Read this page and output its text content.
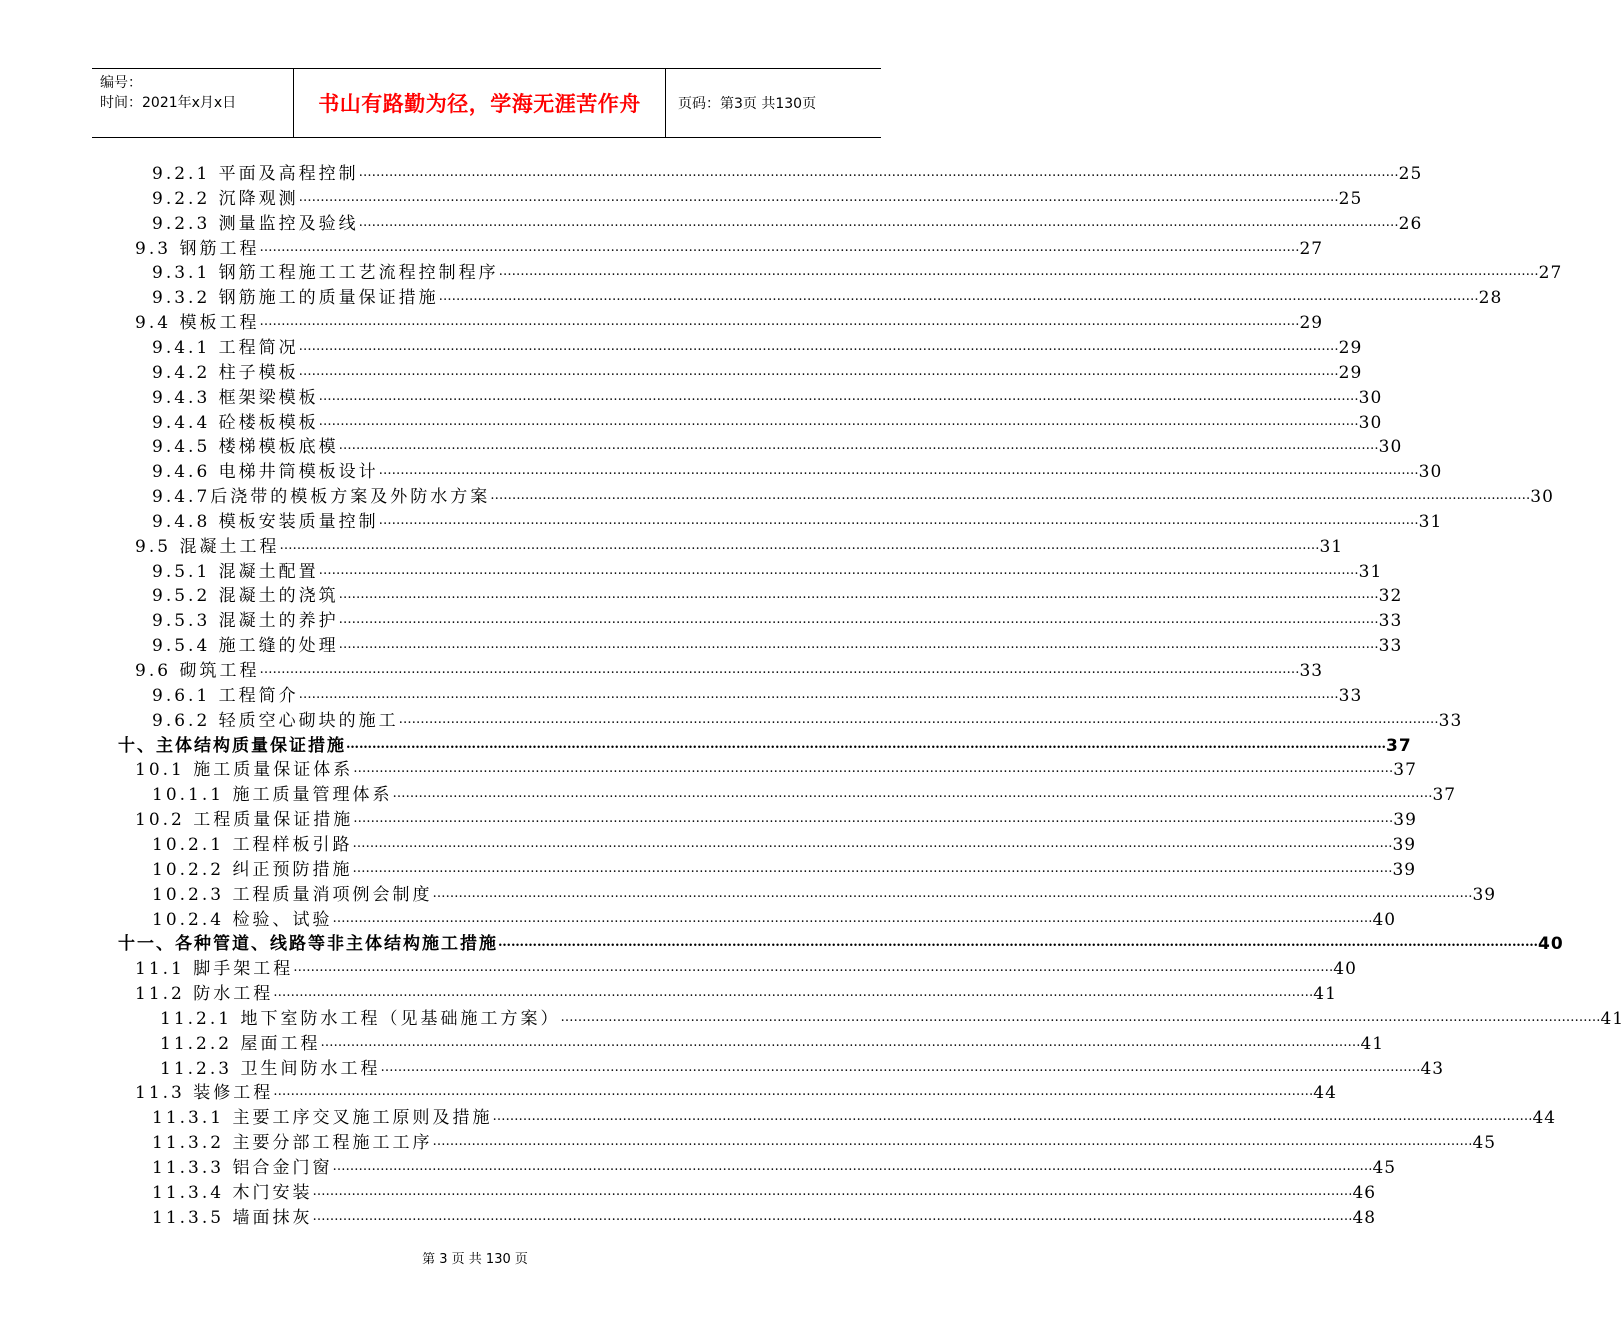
编号：
时间：2021年x月x日	书山有路勤为径，学海无涯苦作舟	页码：第3页 共130页
9.2.1 平面及高程控制 …………………………………………………………………………………………………………………………………………………………………………………………………………………… 25
9.2.2 沉降观测 …………………………………………………………………………………………………………………………………………………………………………………………………………………… 25
9.2.3 测量监控及验线 …………………………………………………………………………………………………………………………………………………………………………………………………………………… 26
9.3 钢筋工程 …………………………………………………………………………………………………………………………………………………………………………………………………………………… 27
9.3.1 钢筋工程施工工艺流程控制程序 …………………………………………………………………………………………………………………………………………………………………………………………………………………… 27
9.3.2 钢筋施工的质量保证措施 …………………………………………………………………………………………………………………………………………………………………………………………………………………… 28
9.4 模板工程 …………………………………………………………………………………………………………………………………………………………………………………………………………………… 29
9.4.1 工程简况 …………………………………………………………………………………………………………………………………………………………………………………………………………………… 29
9.4.2 柱子模板 …………………………………………………………………………………………………………………………………………………………………………………………………………………… 29
9.4.3 框架梁模板 …………………………………………………………………………………………………………………………………………………………………………………………………………………… 30
9.4.4 砼楼板模板 …………………………………………………………………………………………………………………………………………………………………………………………………………………… 30
9.4.5 楼梯模板底模 …………………………………………………………………………………………………………………………………………………………………………………………………………………… 30
9.4.6 电梯井筒模板设计 …………………………………………………………………………………………………………………………………………………………………………………………………………………… 30
9.4.7后浇带的模板方案及外防水方案 …………………………………………………………………………………………………………………………………………………………………………………………………………………… 30
9.4.8 模板安装质量控制 …………………………………………………………………………………………………………………………………………………………………………………………………………………… 31
9.5 混凝土工程 …………………………………………………………………………………………………………………………………………………………………………………………………………………… 31
9.5.1 混凝土配置 …………………………………………………………………………………………………………………………………………………………………………………………………………………… 31
9.5.2 混凝土的浇筑 …………………………………………………………………………………………………………………………………………………………………………………………………………………… 32
9.5.3 混凝土的养护 …………………………………………………………………………………………………………………………………………………………………………………………………………………… 33
9.5.4 施工缝的处理 …………………………………………………………………………………………………………………………………………………………………………………………………………………… 33
9.6 砌筑工程 …………………………………………………………………………………………………………………………………………………………………………………………………………………… 33
9.6.1 工程简介 …………………………………………………………………………………………………………………………………………………………………………………………………………………… 33
9.6.2 轻质空心砌块的施工 …………………………………………………………………………………………………………………………………………………………………………………………………………………… 33
十、主体结构质量保证措施 …………………………………………………………………………………………………………………………………………………………………………………………………………………… 37
10.1 施工质量保证体系 …………………………………………………………………………………………………………………………………………………………………………………………………………………… 37
10.1.1 施工质量管理体系 …………………………………………………………………………………………………………………………………………………………………………………………………………………… 37
10.2 工程质量保证措施 …………………………………………………………………………………………………………………………………………………………………………………………………………………… 39
10.2.1 工程样板引路 …………………………………………………………………………………………………………………………………………………………………………………………………………………… 39
10.2.2 纠正预防措施 …………………………………………………………………………………………………………………………………………………………………………………………………………………… 39
10.2.3 工程质量消项例会制度 …………………………………………………………………………………………………………………………………………………………………………………………………………………… 39
10.2.4 检验、试验 …………………………………………………………………………………………………………………………………………………………………………………………………………………… 40
十一、各种管道、线路等非主体结构施工措施 …………………………………………………………………………………………………………………………………………………………………………………………………………………… 40
11.1 脚手架工程 …………………………………………………………………………………………………………………………………………………………………………………………………………………… 40
11.2 防水工程 …………………………………………………………………………………………………………………………………………………………………………………………………………………… 41
11.2.1 地下室防水工程（见基础施工方案） …………………………………………………………………………………………………………………………………………………………………………………………………………………… 41
11.2.2 屋面工程 …………………………………………………………………………………………………………………………………………………………………………………………………………………… 41
11.2.3 卫生间防水工程 …………………………………………………………………………………………………………………………………………………………………………………………………………………… 43
11.3 装修工程 …………………………………………………………………………………………………………………………………………………………………………………………………………………… 44
11.3.1 主要工序交叉施工原则及措施 …………………………………………………………………………………………………………………………………………………………………………………………………………………… 44
11.3.2 主要分部工程施工工序 …………………………………………………………………………………………………………………………………………………………………………………………………………………… 45
11.3.3 铝合金门窗 …………………………………………………………………………………………………………………………………………………………………………………………………………………… 45
11.3.4 木门安装 …………………………………………………………………………………………………………………………………………………………………………………………………………………… 46
11.3.5 墙面抹灰 …………………………………………………………………………………………………………………………………………………………………………………………………………………… 48
第 3 页 共 130 页
